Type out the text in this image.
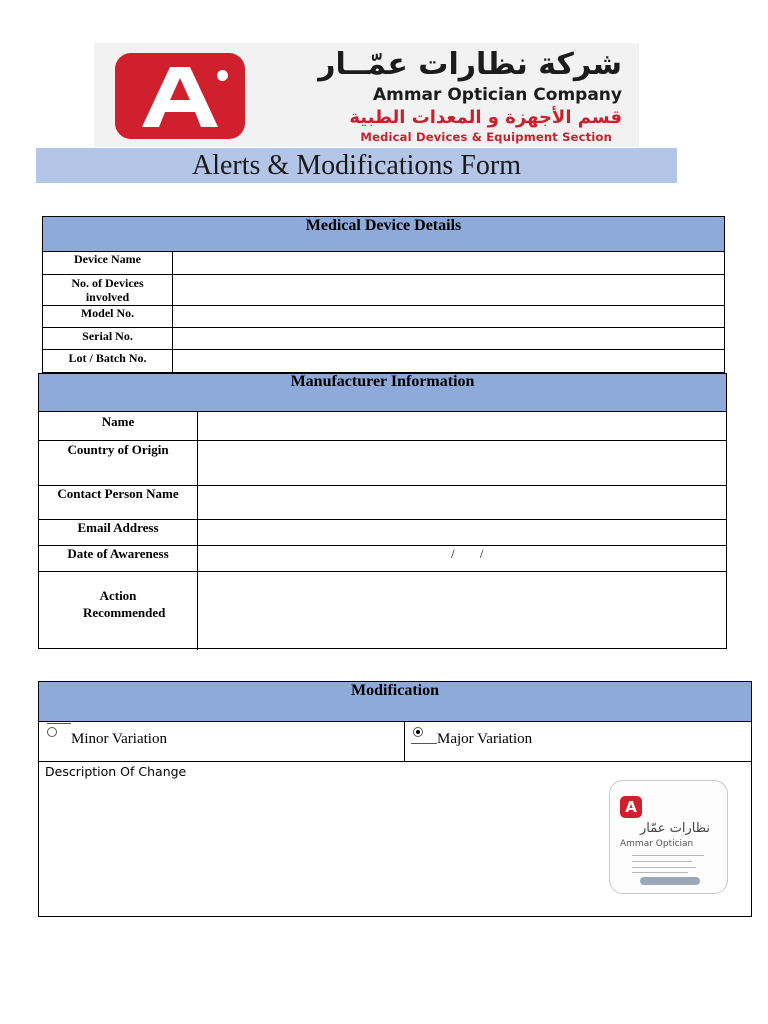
شركة نظارات عمّــار
Ammar Optician Company
قسم الأجهزة و المعدات الطبية
Medical Devices & Equipment Section
Alerts & Modifications Form
Medical Device Details
Device Name
No. of Devices involved
Model No.
Serial No.
Lot / Batch No.
Manufacturer Information
Name
Country of Origin
Contact Person Name
Email Address
Date of Awareness	/ /
Action Recommended
Modification
Minor Variation	Major Variation
Description Of Change
A
نظارات عمّار
Ammar Optician
